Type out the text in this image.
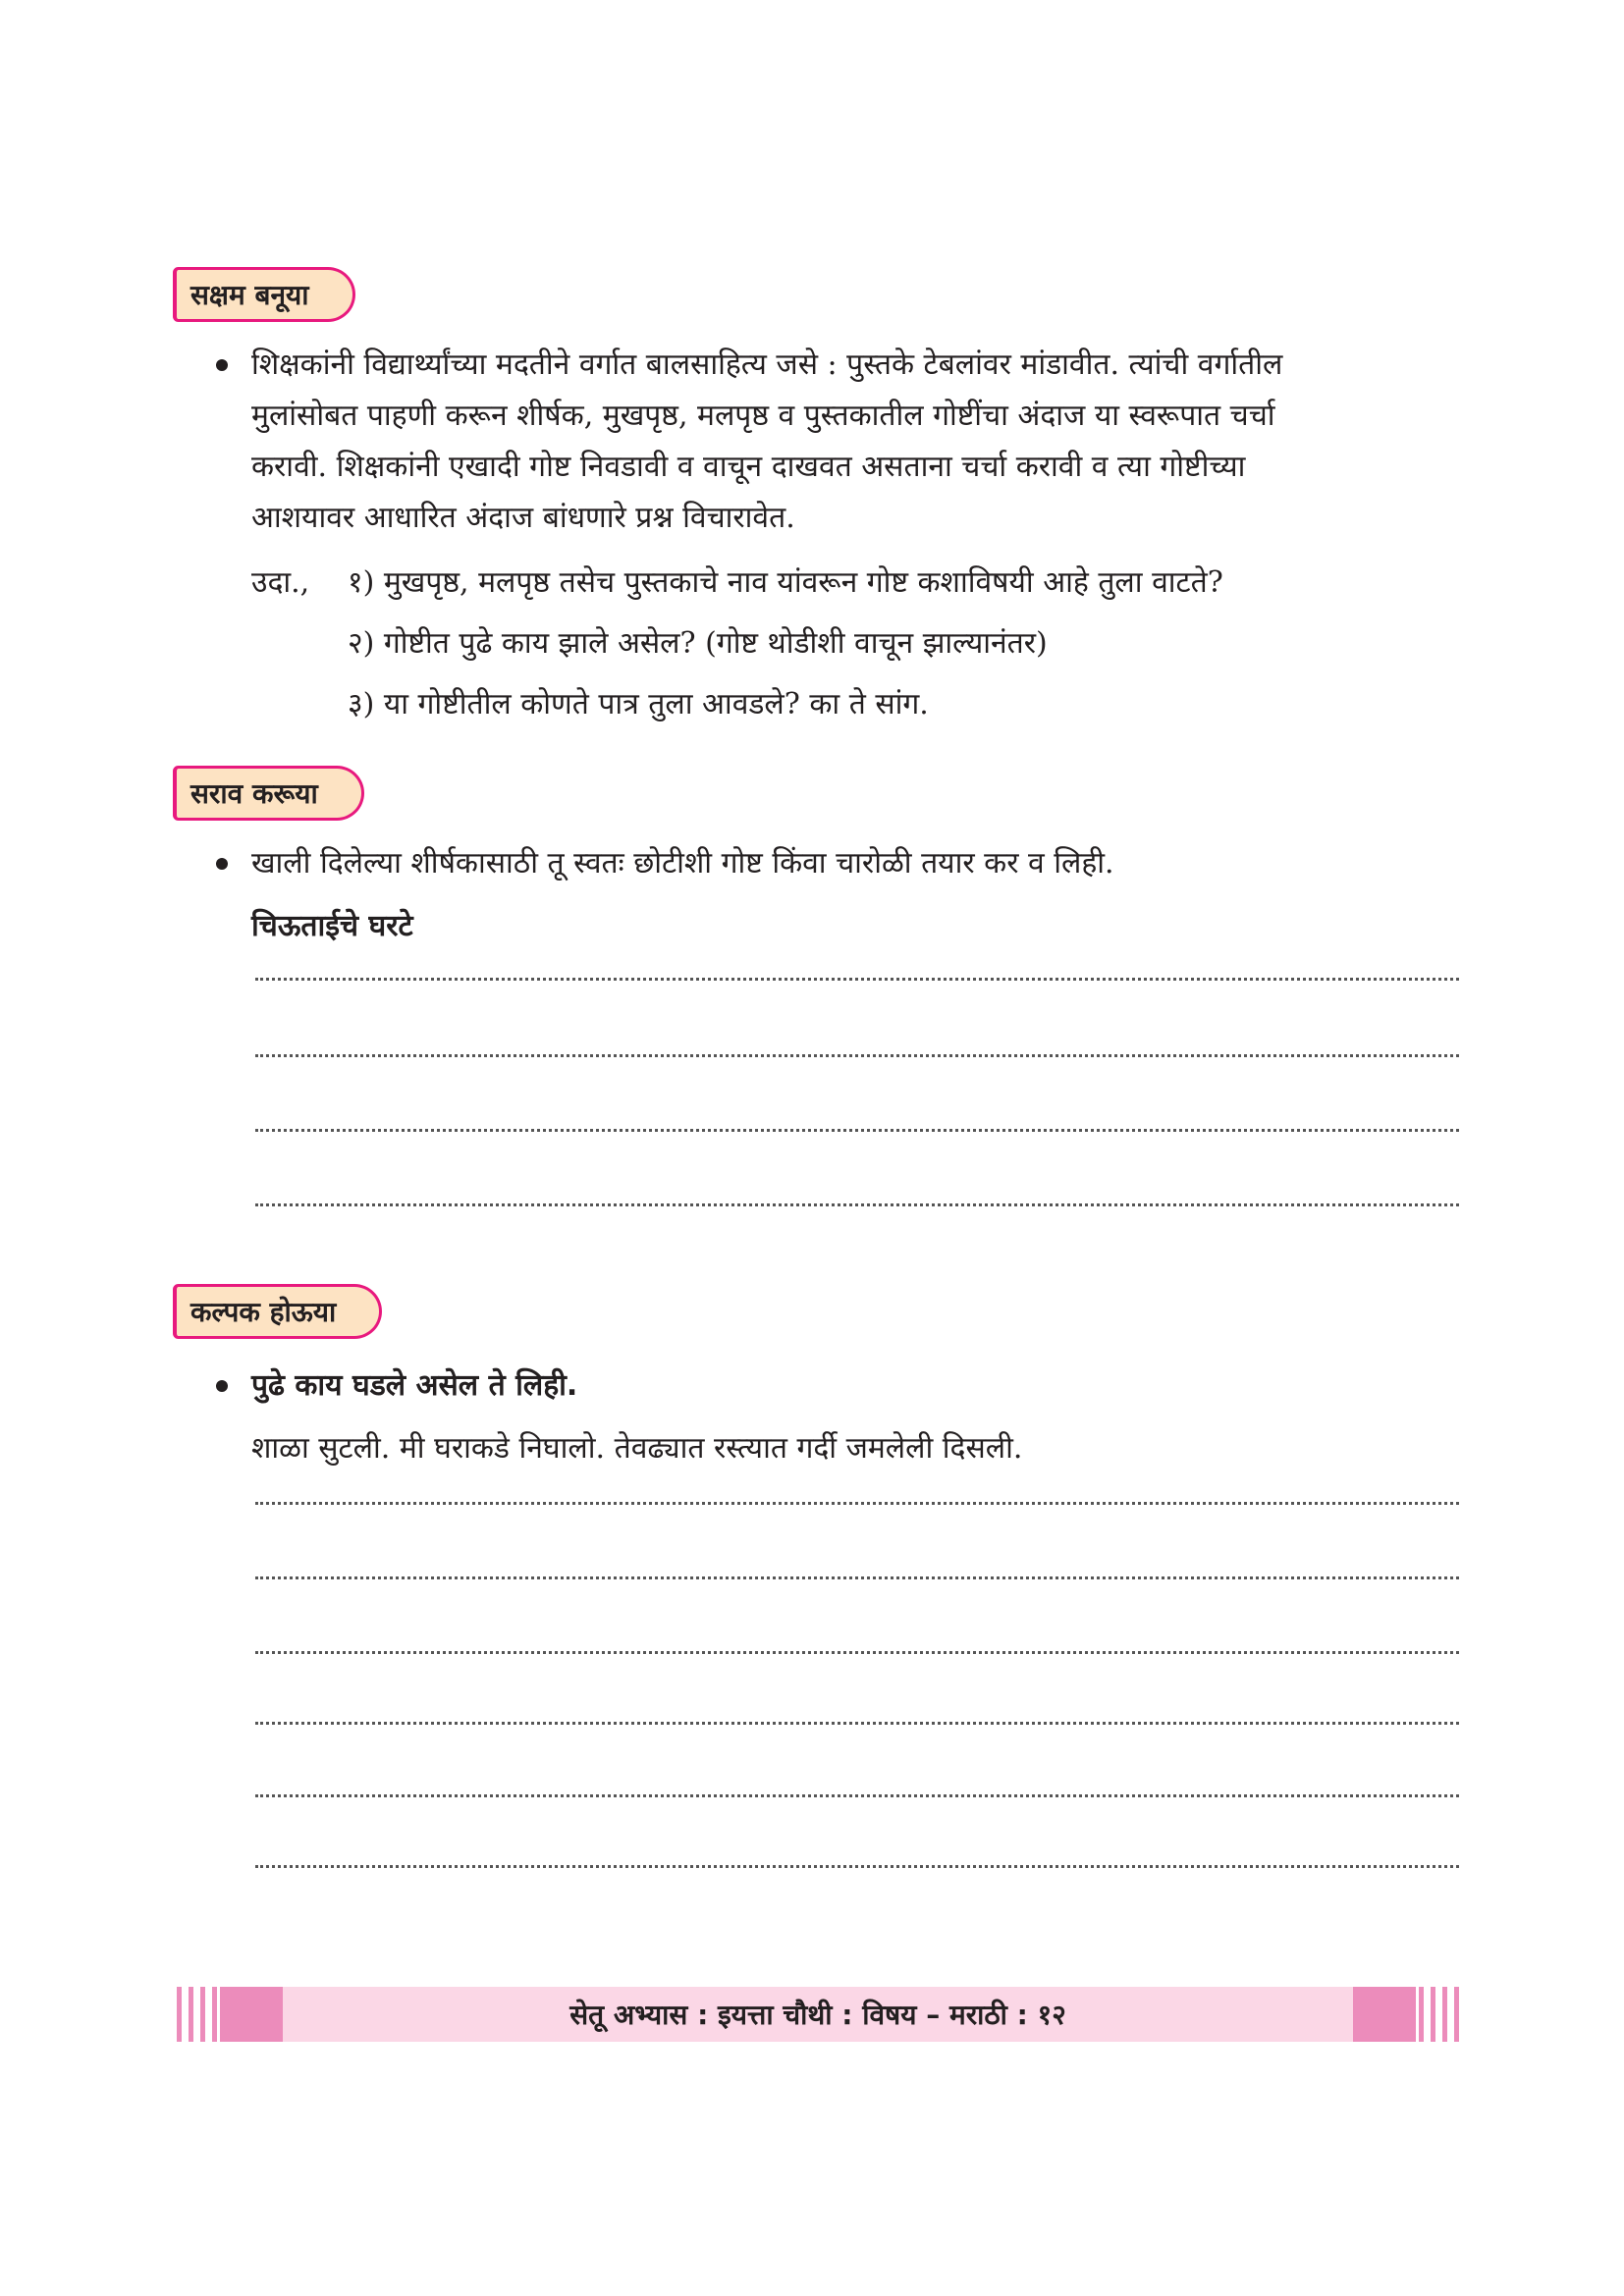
सक्षम बनूया
शिक्षकांनी विद्यार्थ्यांच्या मदतीने वर्गात बालसाहित्य जसे : पुस्तके टेबलांवर मांडावीत. त्यांची वर्गातील
मुलांसोबत पाहणी करून शीर्षक, मुखपृष्ठ, मलपृष्ठ व पुस्तकातील गोष्टींचा अंदाज या स्वरूपात चर्चा
करावी. शिक्षकांनी एखादी गोष्ट निवडावी व वाचून दाखवत असताना चर्चा करावी व त्या गोष्टीच्या
आशयावर आधारित अंदाज बांधणारे प्रश्न विचारावेत.
उदा., १) मुखपृष्ठ, मलपृष्ठ तसेच पुस्तकाचे नाव यांवरून गोष्ट कशाविषयी आहे तुला वाटते?
२) गोष्टीत पुढे काय झाले असेल? (गोष्ट थोडीशी वाचून झाल्यानंतर)
३) या गोष्टीतील कोणते पात्र तुला आवडले? का ते सांग.
सराव करूया
खाली दिलेल्या शीर्षकासाठी तू स्वतः छोटीशी गोष्ट किंवा चारोळी तयार कर व लिही.
चिऊताईचे घरटे
कल्पक होऊया
पुढे काय घडले असेल ते लिही.
शाळा सुटली. मी घराकडे निघालो. तेवढ्यात रस्त्यात गर्दी जमलेली दिसली.
सेतू अभ्यास : इयत्ता चौथी : विषय – मराठी : १२
